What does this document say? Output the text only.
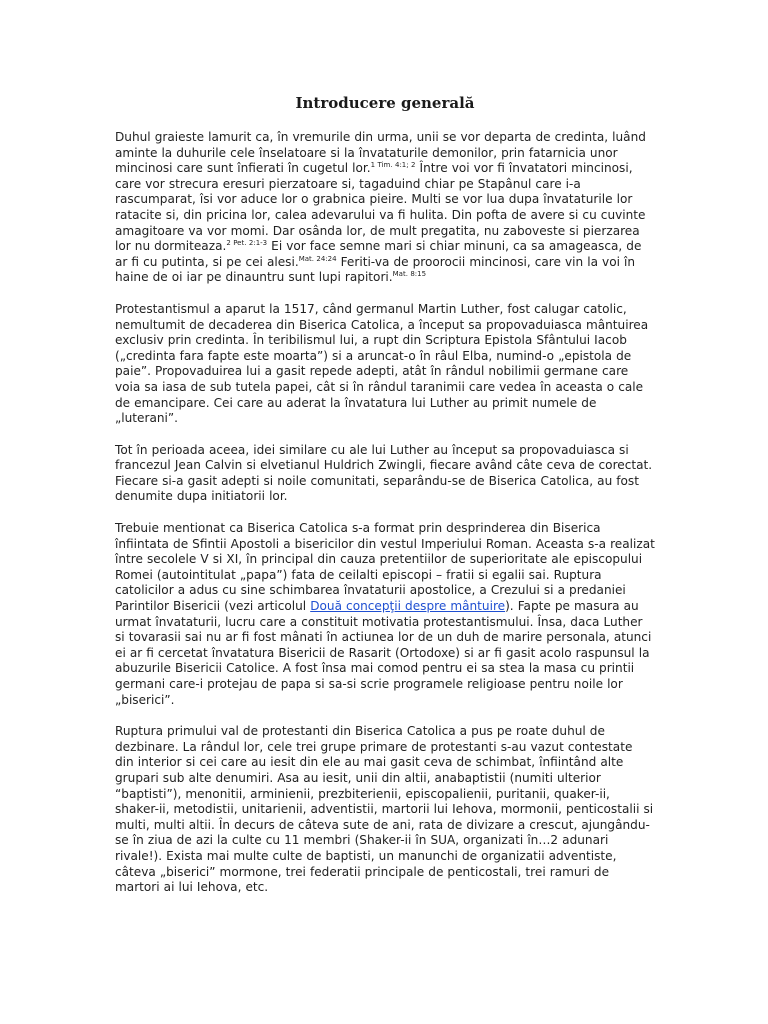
Introducere generală

Duhul graieste lamurit ca, în vremurile din urma, unii se vor departa de credinta, luând aminte la duhurile cele înselatoare si la învataturile demonilor, prin fatarnicia unor mincinosi care sunt înfierati în cugetul lor.$^{1 Tim. 4:1; 2}$ Între voi vor fi învatatori mincinosi, care vor strecura eresuri pierzatoare si, tagaduind chiar pe Stapânul care i-a rascumparat, îsi vor aduce lor o grabnica pieire. Multi se vor lua dupa învataturile lor ratacite si, din pricina lor, calea adevarului va fi hulita. Din pofta de avere si cu cuvinte amagitoare va vor momi. Dar osânda lor, de mult pregatita, nu zaboveste si pierzarea lor nu dormiteaza.$^{2 Pet. 2:1-3}$ Ei vor face semne mari si chiar minuni, ca sa amageasca, de ar fi cu putinta, si pe cei alesi.$^{Mat. 24:24}$ Feriti-va de proorocii mincinosi, care vin la voi în haine de oi iar pe dinauntru sunt lupi rapitori.$^{Mat. 8:15}$

Protestantismul a aparut la 1517, când germanul Martin Luther, fost calugar catolic, nemultumit de decaderea din Biserica Catolica, a început sa propovaduiasca mântuirea exclusiv prin credinta. În teribilismul lui, a rupt din Scriptura Epistola Sfântului Iacob („credinta fara fapte este moarta”) si a aruncat-o în râul Elba, numind-o „epistola de paie”. Propovaduirea lui a gasit repede adepti, atât în rândul nobilimii germane care voia sa iasa de sub tutela papei, cât si în rândul taranimii care vedea în aceasta o cale de emancipare. Cei care au aderat la învatatura lui Luther au primit numele de „luterani”.

Tot în perioada aceea, idei similare cu ale lui Luther au început sa propovaduiasca si francezul Jean Calvin si elvetianul Huldrich Zwingli, fiecare având câte ceva de corectat. Fiecare si-a gasit adepti si noile comunitati, separându-se de Biserica Catolica, au fost denumite dupa initiatorii lor.

Trebuie mentionat ca Biserica Catolica s-a format prin desprinderea din Biserica înfiintata de Sfintii Apostoli a bisericilor din vestul Imperiului Roman. Aceasta s-a realizat între secolele V si XI, în principal din cauza pretentiilor de superioritate ale episcopului Romei (autointitulat „papa”) fata de ceilalti episcopi – fratii si egalii sai. Ruptura catolicilor a adus cu sine schimbarea învataturii apostolice, a Crezului si a predaniei Parintilor Bisericii (vezi articolul Două concepţii despre mântuire). Fapte pe masura au urmat învataturii, lucru care a constituit motivatia protestantismului. Însa, daca Luther si tovarasii sai nu ar fi fost mânati în actiunea lor de un duh de marire personala, atunci ei ar fi cercetat învatatura Bisericii de Rasarit (Ortodoxe) si ar fi gasit acolo raspunsul la abuzurile Bisericii Catolice. A fost însa mai comod pentru ei sa stea la masa cu printii germani care-i protejau de papa si sa-si scrie programele religioase pentru noile lor „biserici”.

Ruptura primului val de protestanti din Biserica Catolica a pus pe roate duhul de dezbinare. La rândul lor, cele trei grupe primare de protestanti s-au vazut contestate din interior si cei care au iesit din ele au mai gasit ceva de schimbat, înfiintând alte grupari sub alte denumiri. Asa au iesit, unii din altii, anabaptistii (numiti ulterior “baptisti”), menonitii, arminienii, prezbiterienii, episcopalienii, puritanii, quaker-ii, shaker-ii, metodistii, unitarienii, adventistii, martorii lui Iehova, mormonii, penticostalii si multi, multi altii. În decurs de câteva sute de ani, rata de divizare a crescut, ajungându-se în ziua de azi la culte cu 11 membri (Shaker-ii în SUA, organizati în…2 adunari rivale!). Exista mai multe culte de baptisti, un manunchi de organizatii adventiste, câteva „biserici” mormone, trei federatii principale de penticostali, trei ramuri de martori ai lui Iehova, etc.
